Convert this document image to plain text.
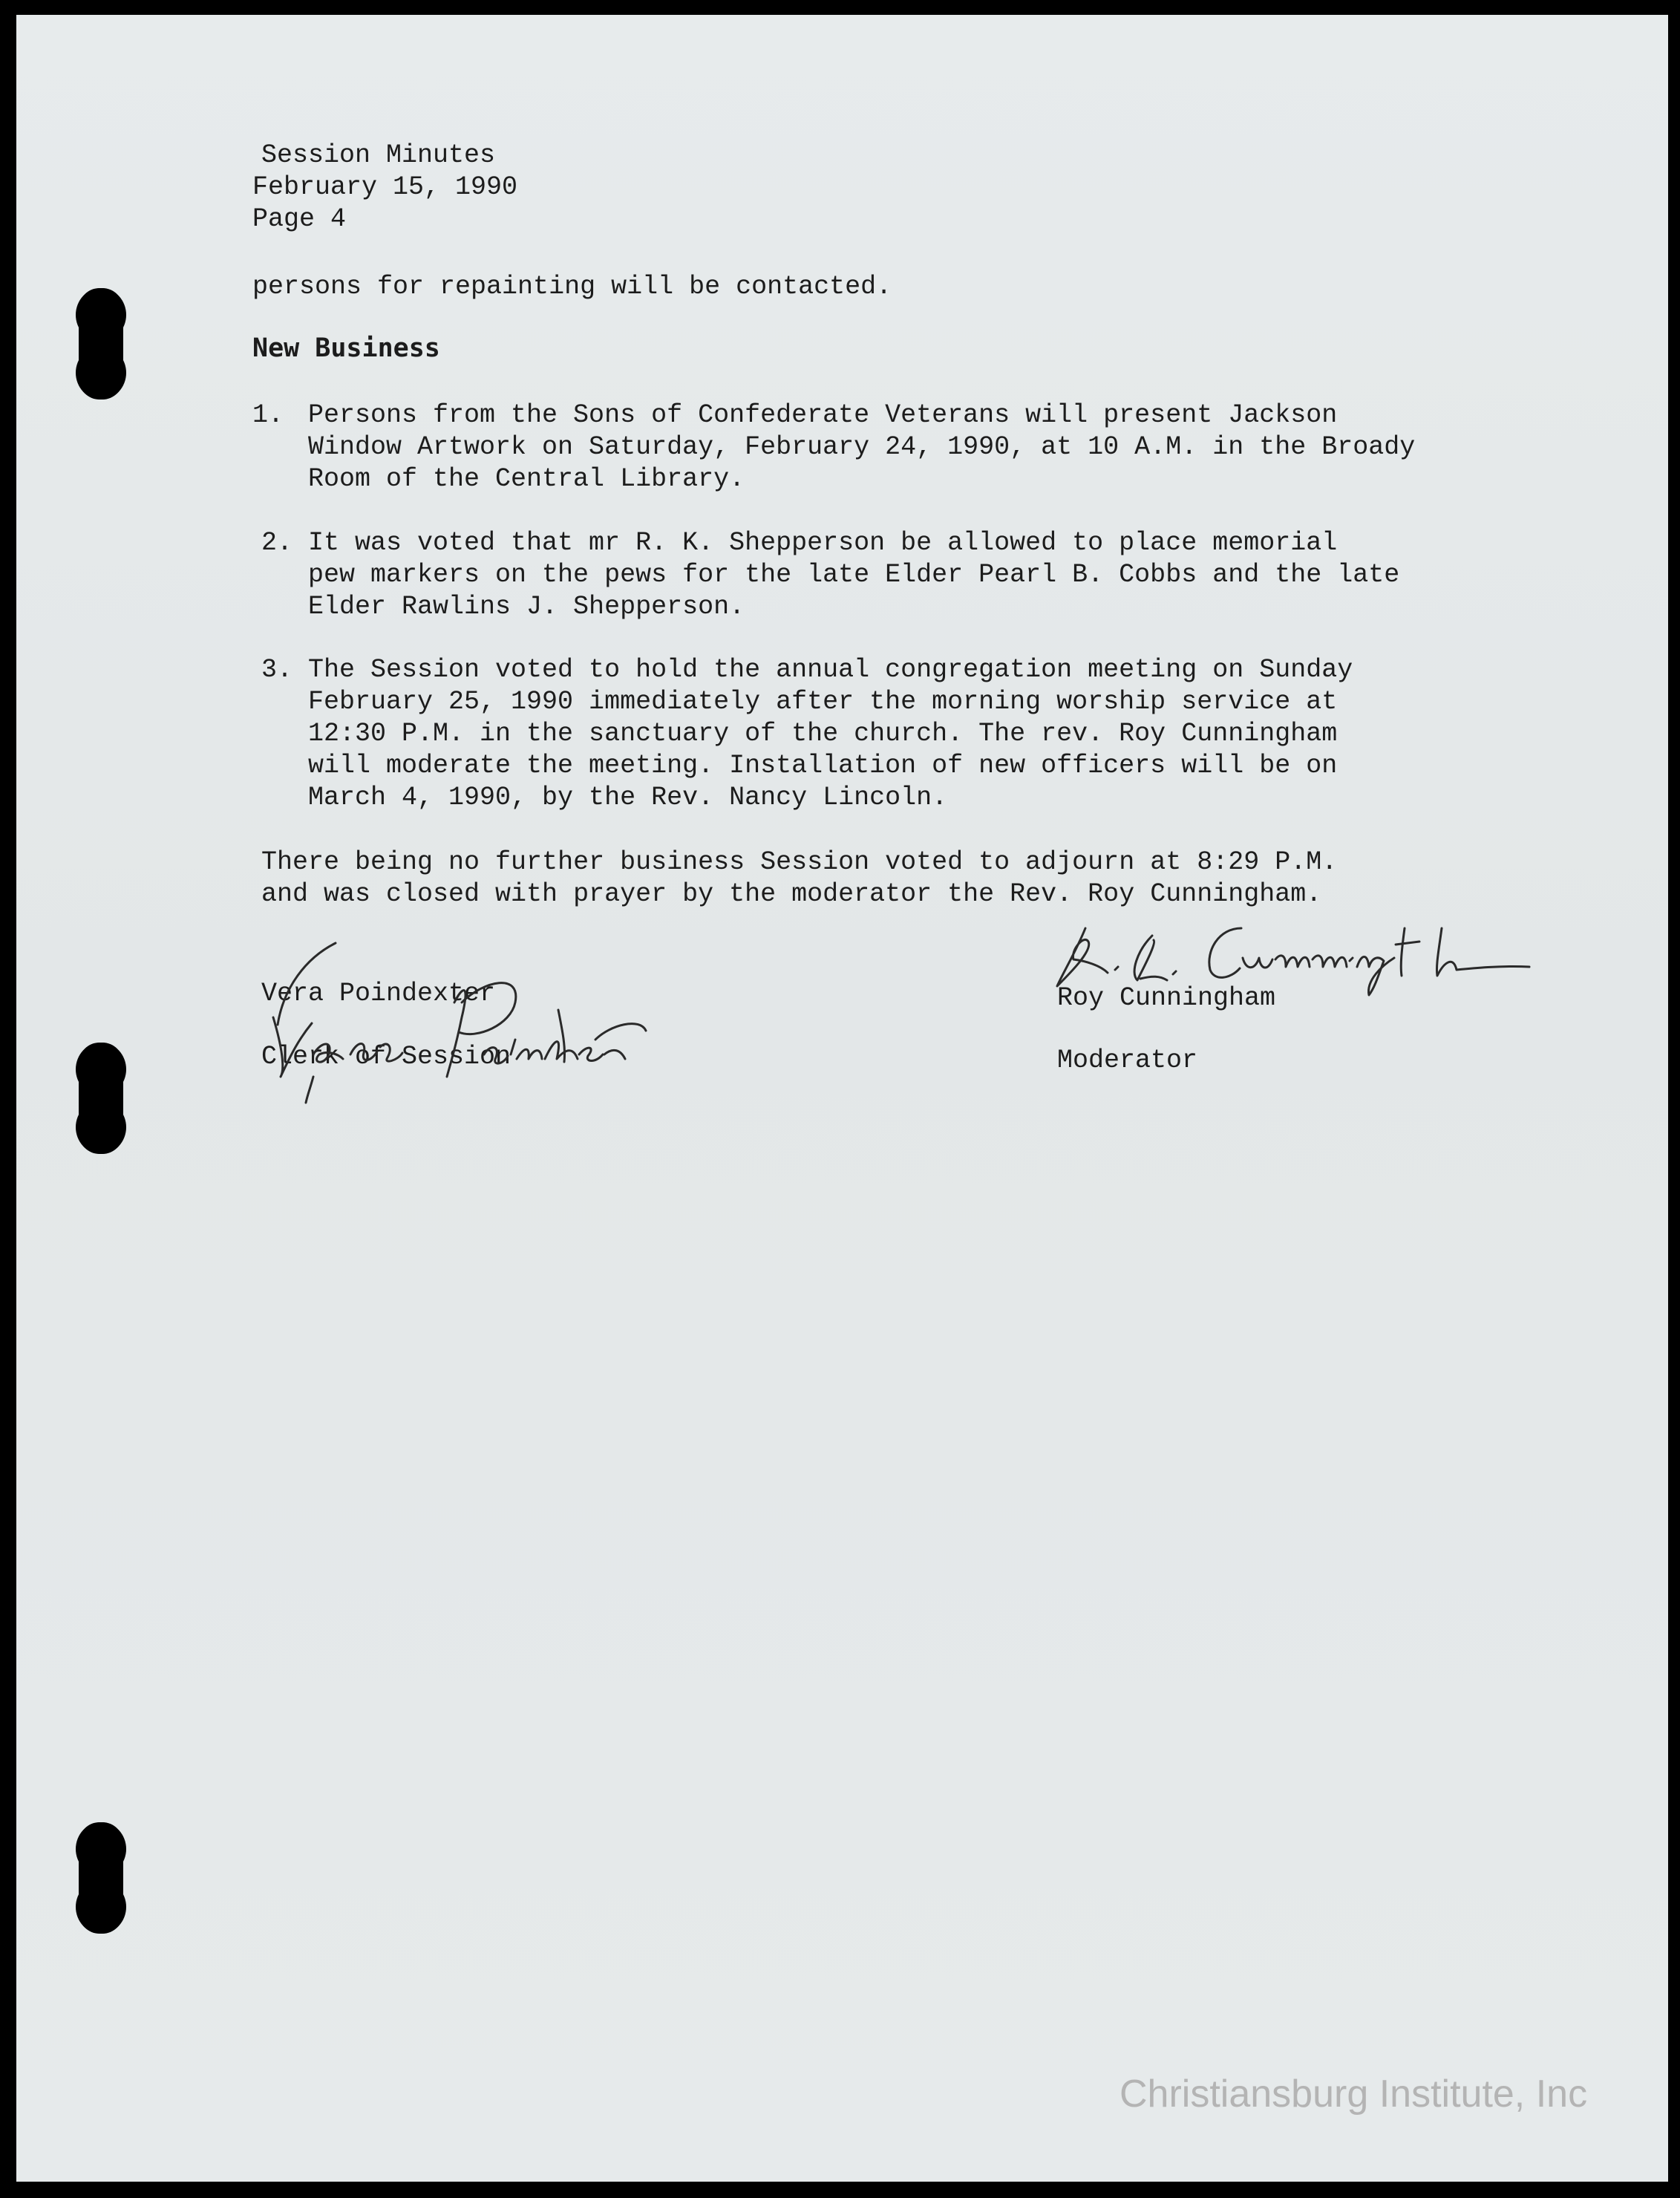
Session Minutes
February 15, 1990
Page 4
persons for repainting will be contacted.
New Business
1. Persons from the Sons of Confederate Veterans will present Jackson
Window Artwork on Saturday, February 24, 1990, at 10 A.M. in the Broady
Room of the Central Library.
2. It was voted that mr R. K. Shepperson be allowed to place memorial
pew markers on the pews for the late Elder Pearl B. Cobbs and the late
Elder Rawlins J. Shepperson.
3. The Session voted to hold the annual congregation meeting on Sunday
February 25, 1990 immediately after the morning worship service at
12:30 P.M. in the sanctuary of the church. The rev. Roy Cunningham
will moderate the meeting. Installation of new officers will be on
March 4, 1990, by the Rev. Nancy Lincoln.
There being no further business Session voted to adjourn at 8:29 P.M.
and was closed with prayer by the moderator the Rev. Roy Cunningham.
Vera Poindexter
Clerk of Session
Roy Cunningham
Moderator
Christiansburg Institute, Inc
